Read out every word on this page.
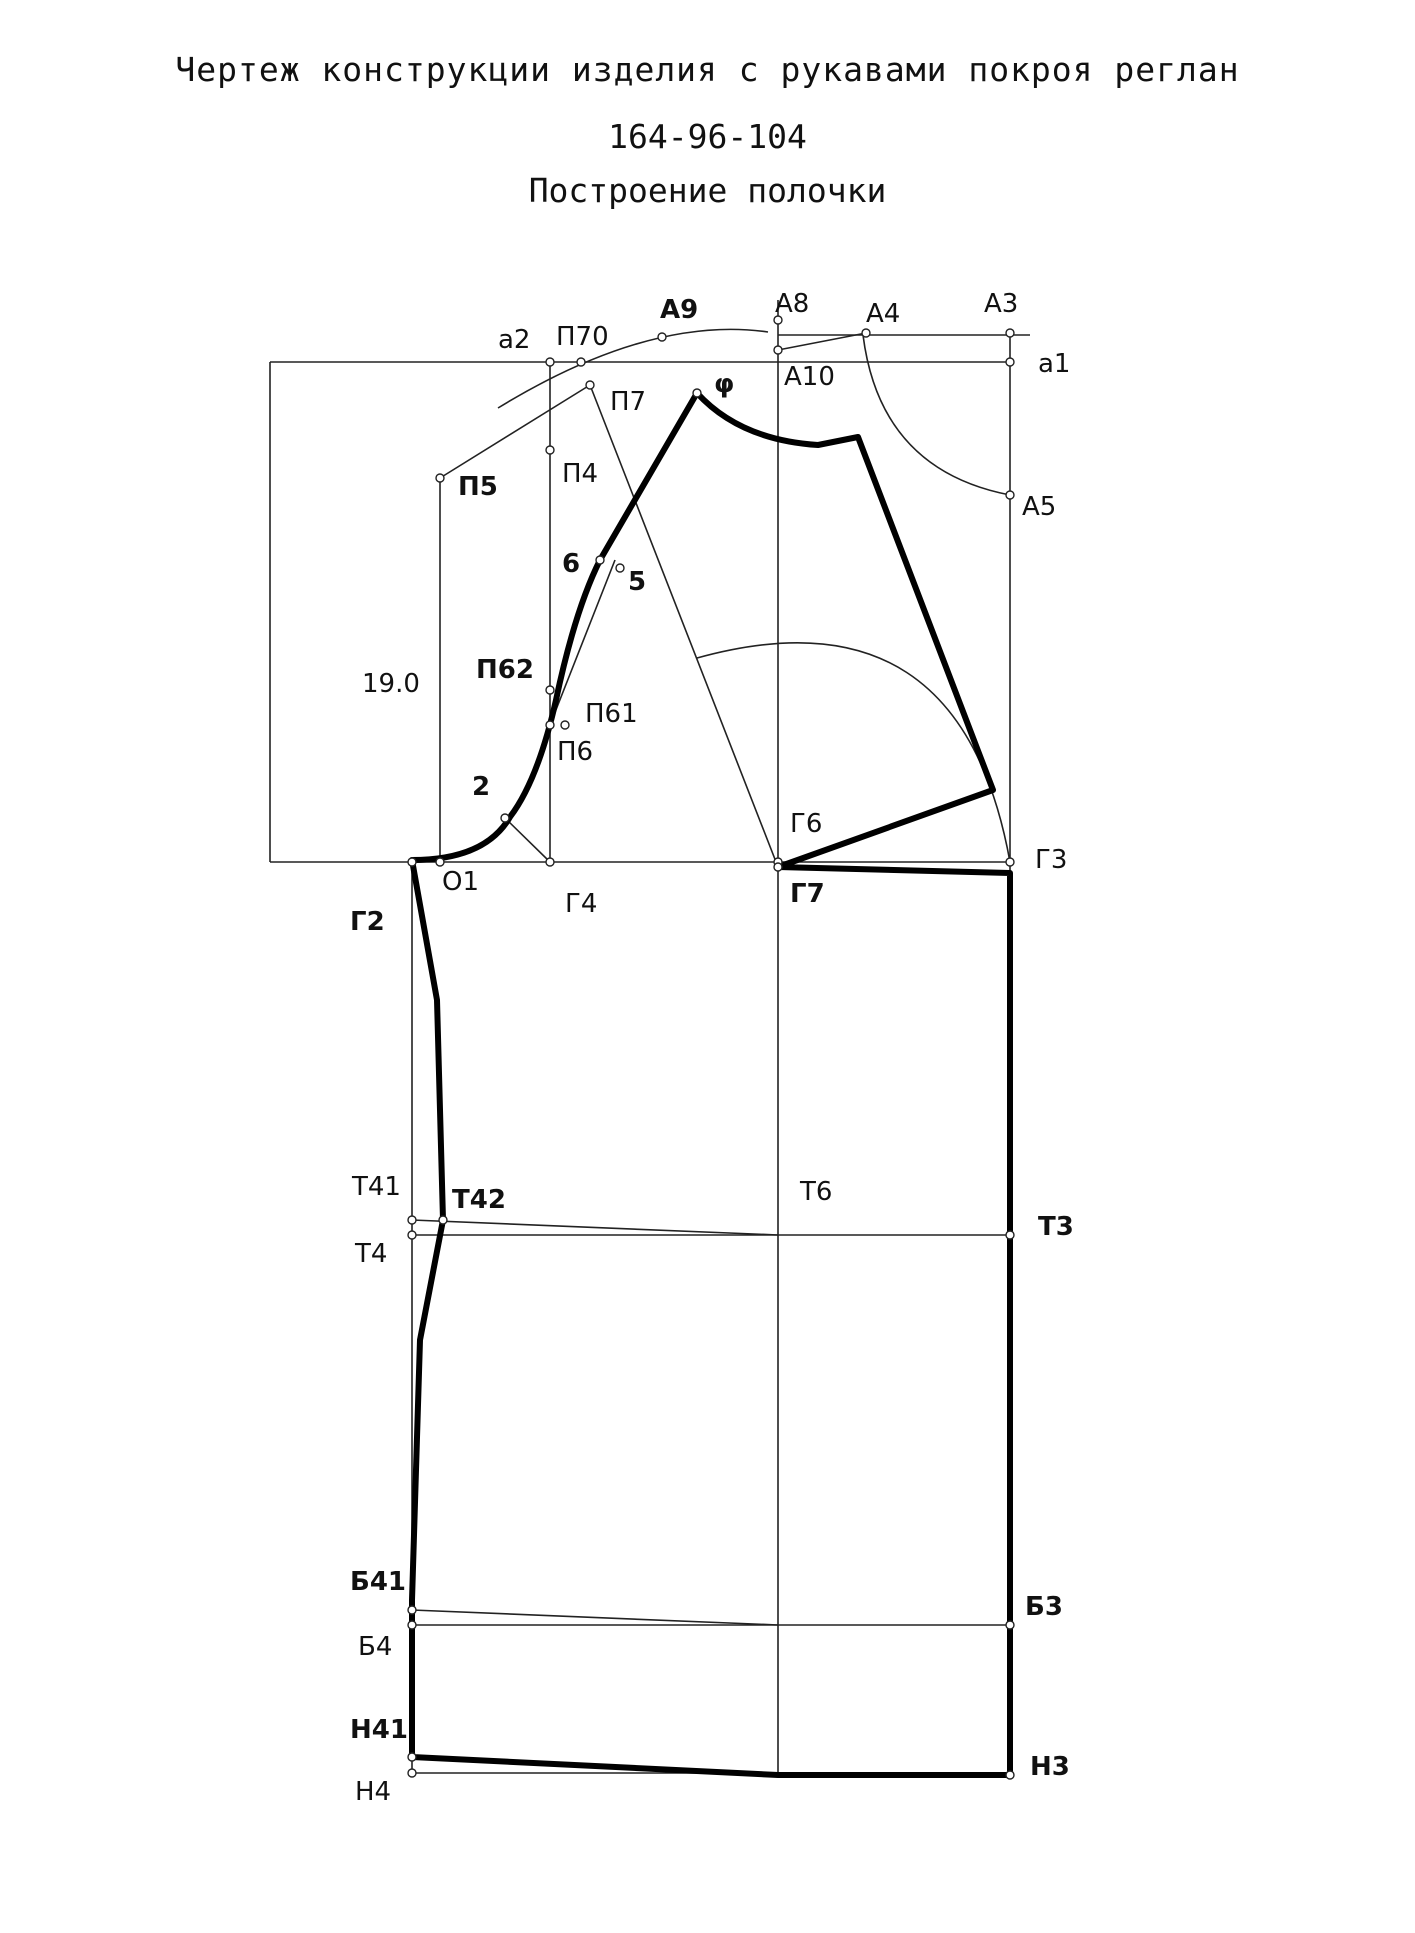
Чертеж конструкции изделия с рукавами покроя реглан
164-96-104
Построение полочки
А9	А8 А4	А3
а2 П70
а1
А10
φ
П7
П5 П4
А5
6
5
19.0 П62
П61
П6
2
Г6
Г3
О1
Г4	Г7
Г2
Т41 Т42	Т6
Т3
Т4
Б41
Б3
Б4
Н41
Н3
Н4
